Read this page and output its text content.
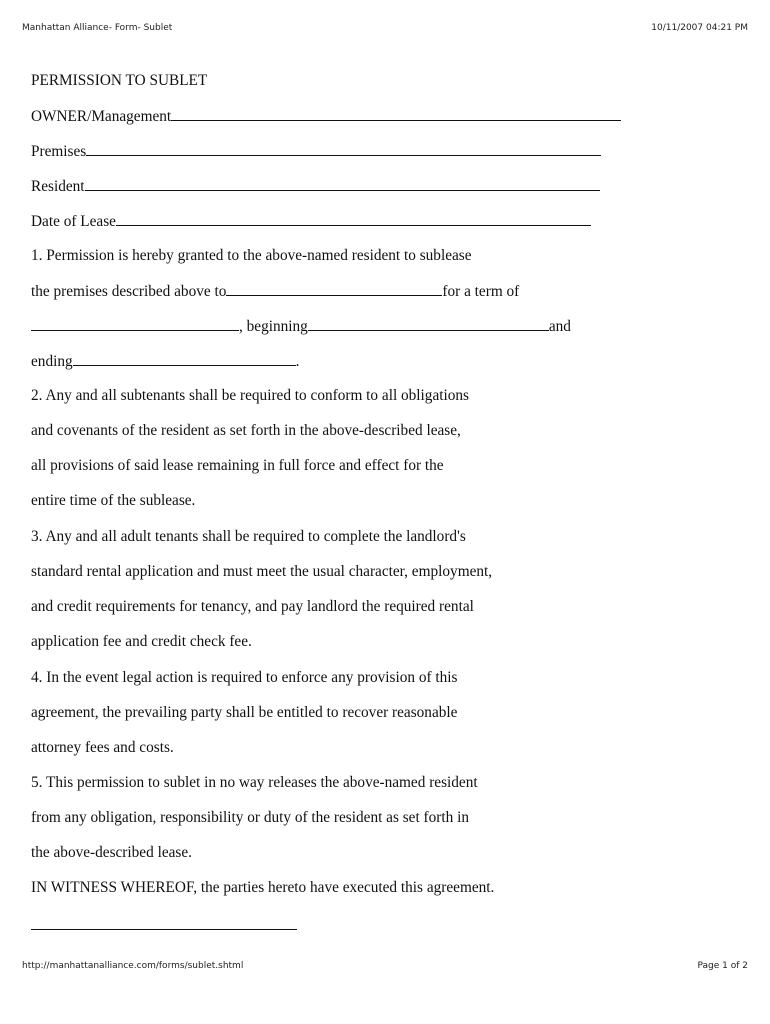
Manhattan Alliance- Form- Sublet	10/11/2007 04:21 PM
PERMISSION TO SUBLET
OWNER/Management
Premises
Resident
Date of Lease
1. Permission is hereby granted to the above-named resident to sublease
the premises described above to	for a term of
, beginning	and
ending	.
2. Any and all subtenants shall be required to conform to all obligations
and covenants of the resident as set forth in the above-described lease,
all provisions of said lease remaining in full force and effect for the
entire time of the sublease.
3. Any and all adult tenants shall be required to complete the landlord's
standard rental application and must meet the usual character, employment,
and credit requirements for tenancy, and pay landlord the required rental
application fee and credit check fee.
4. In the event legal action is required to enforce any provision of this
agreement, the prevailing party shall be entitled to recover reasonable
attorney fees and costs.
5. This permission to sublet in no way releases the above-named resident
from any obligation, responsibility or duty of the resident as set forth in
the above-described lease.
IN WITNESS WHEREOF, the parties hereto have executed this agreement.
http://manhattanalliance.com/forms/sublet.shtml	Page 1 of 2
